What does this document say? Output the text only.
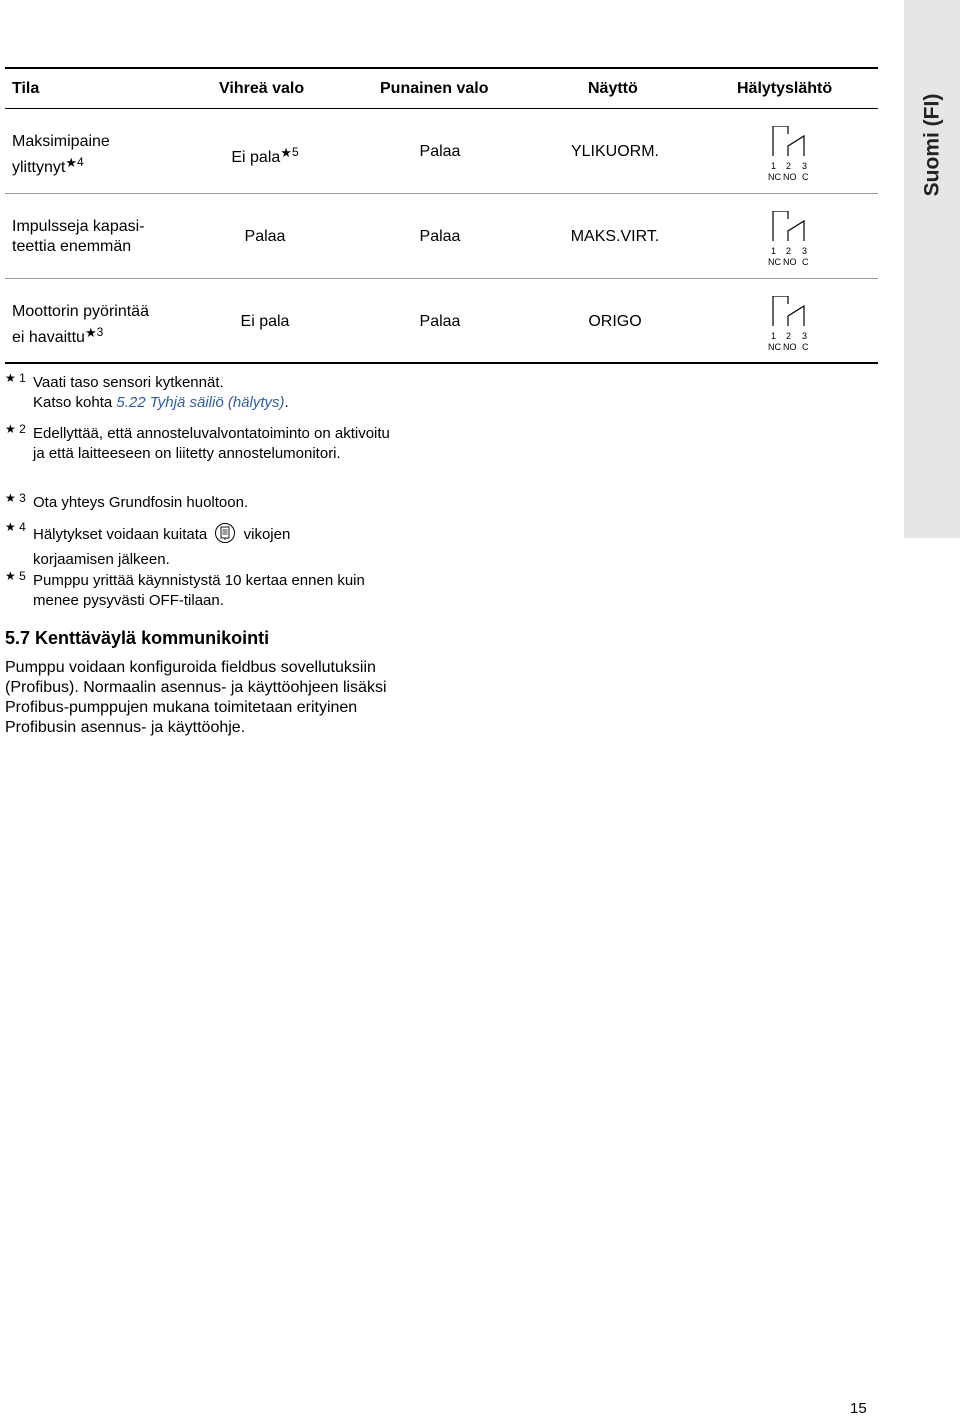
Suomi (FI)
Tila	Vihreä valo	Punainen valo	Näyttö	Hälytyslähtö
Maksimipaine
ylittynyt$^{★4}$	Ei pala$^{★5}$	Palaa	YLIKUORM.
1 2 3
NC NO C
Impulsseja kapasi-
teettia enemmän
Palaa	Palaa	MAKS.VIRT.
1 2 3
NC NO C
Moottorin pyörintää
ei havaittu$^{★3}$
Ei pala	Palaa	ORIGO
1 2 3
NC NO C
★ 1 Vaati taso sensori kytkennät.
Katso kohta 5.22 Tyhjä säiliö (hälytys).
★ 2 Edellyttää, että annosteluvalvontatoiminto on aktivoitu ja että laitteeseen on liitetty annostelumonitori.
★ 3 Ota yhteys Grundfosin huoltoon.
★ 4 Hälytykset voidaan kuitata vikojen
korjaamisen jälkeen.
★ 5 Pumppu yrittää käynnistystä 10 kertaa ennen kuin menee pysyvästi OFF-tilaan.
5.7 Kenttäväylä kommunikointi
Pumppu voidaan konfiguroida fieldbus sovellutuksiin (Profibus). Normaalin asennus- ja käyttöohjeen lisäksi Profibus-pumppujen mukana toimitetaan erityinen Profibusin asennus- ja käyttöohje.
15
